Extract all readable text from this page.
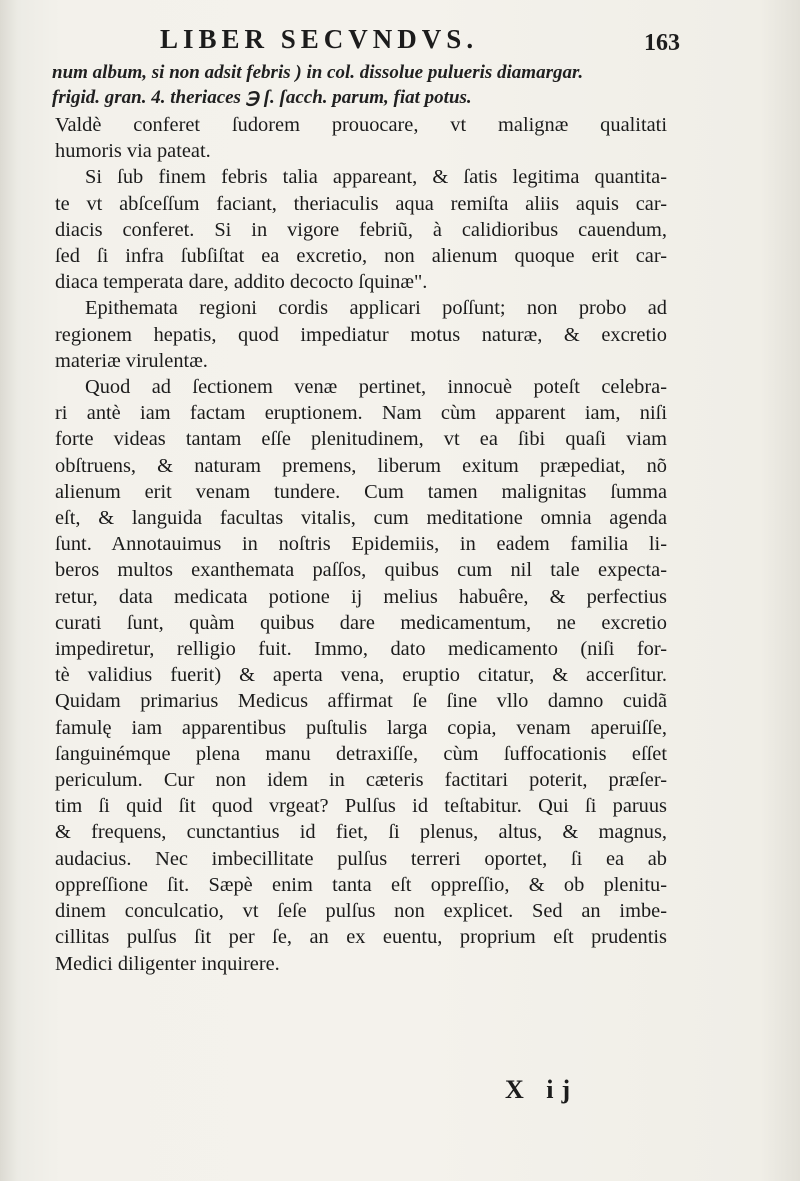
LIBER SECVNDVS.	163
num album, si non adsit febris ) in col. dissolue pulueris diamargar.
frigid. gran. 4. theriaces ℈ ſ. ſacch. parum, fiat potus.
Valdè conferet ſudorem prouocare, vt malignæ qualitati
humoris via pateat.
Si ſub finem febris talia appareant, & ſatis legitima quantita-
te vt abſceſſum faciant, theriaculis aqua remiſta aliis aquis car-
diacis conferet. Si in vigore febriũ, à calidioribus cauendum,
ſed ſi infra ſubſiſtat ea excretio, non alienum quoque erit car-
diaca temperata dare, addito decocto ſquinæ".
Epithemata regioni cordis applicari poſſunt; non probo ad
regionem hepatis, quod impediatur motus naturæ, & excretio
materiæ virulentæ.
Quod ad ſectionem venæ pertinet, innocuè poteſt celebra-
ri antè iam factam eruptionem. Nam cùm apparent iam, niſi
forte videas tantam eſſe plenitudinem, vt ea ſibi quaſi viam
obſtruens, & naturam premens, liberum exitum præpediat, nõ
alienum erit venam tundere. Cum tamen malignitas ſumma
eſt, & languida facultas vitalis, cum meditatione omnia agenda
ſunt. Annotauimus in noſtris Epidemiis, in eadem familia li-
beros multos exanthemata paſſos, quibus cum nil tale expecta-
retur, data medicata potione ij melius habuêre, & perfectius
curati ſunt, quàm quibus dare medicamentum, ne excretio
impediretur, relligio fuit. Immo, dato medicamento (niſi for-
tè validius fuerit) & aperta vena, eruptio citatur, & accerſitur.
Quidam primarius Medicus affirmat ſe ſine vllo damno cuidã
famulę iam apparentibus puſtulis larga copia, venam aperuiſſe,
ſanguinémque plena manu detraxiſſe, cùm ſuffocationis eſſet
periculum. Cur non idem in cæteris factitari poterit, præſer-
tim ſi quid ſit quod vrgeat? Pulſus id teſtabitur. Qui ſi paruus
& frequens, cunctantius id fiet, ſi plenus, altus, & magnus,
audacius. Nec imbecillitate pulſus terreri oportet, ſi ea ab
oppreſſione ſit. Sæpè enim tanta eſt oppreſſio, & ob plenitu-
dinem conculcatio, vt ſeſe pulſus non explicet. Sed an imbe-
cillitas pulſus ſit per ſe, an ex euentu, proprium eſt prudentis
Medici diligenter inquirere.
X ij
